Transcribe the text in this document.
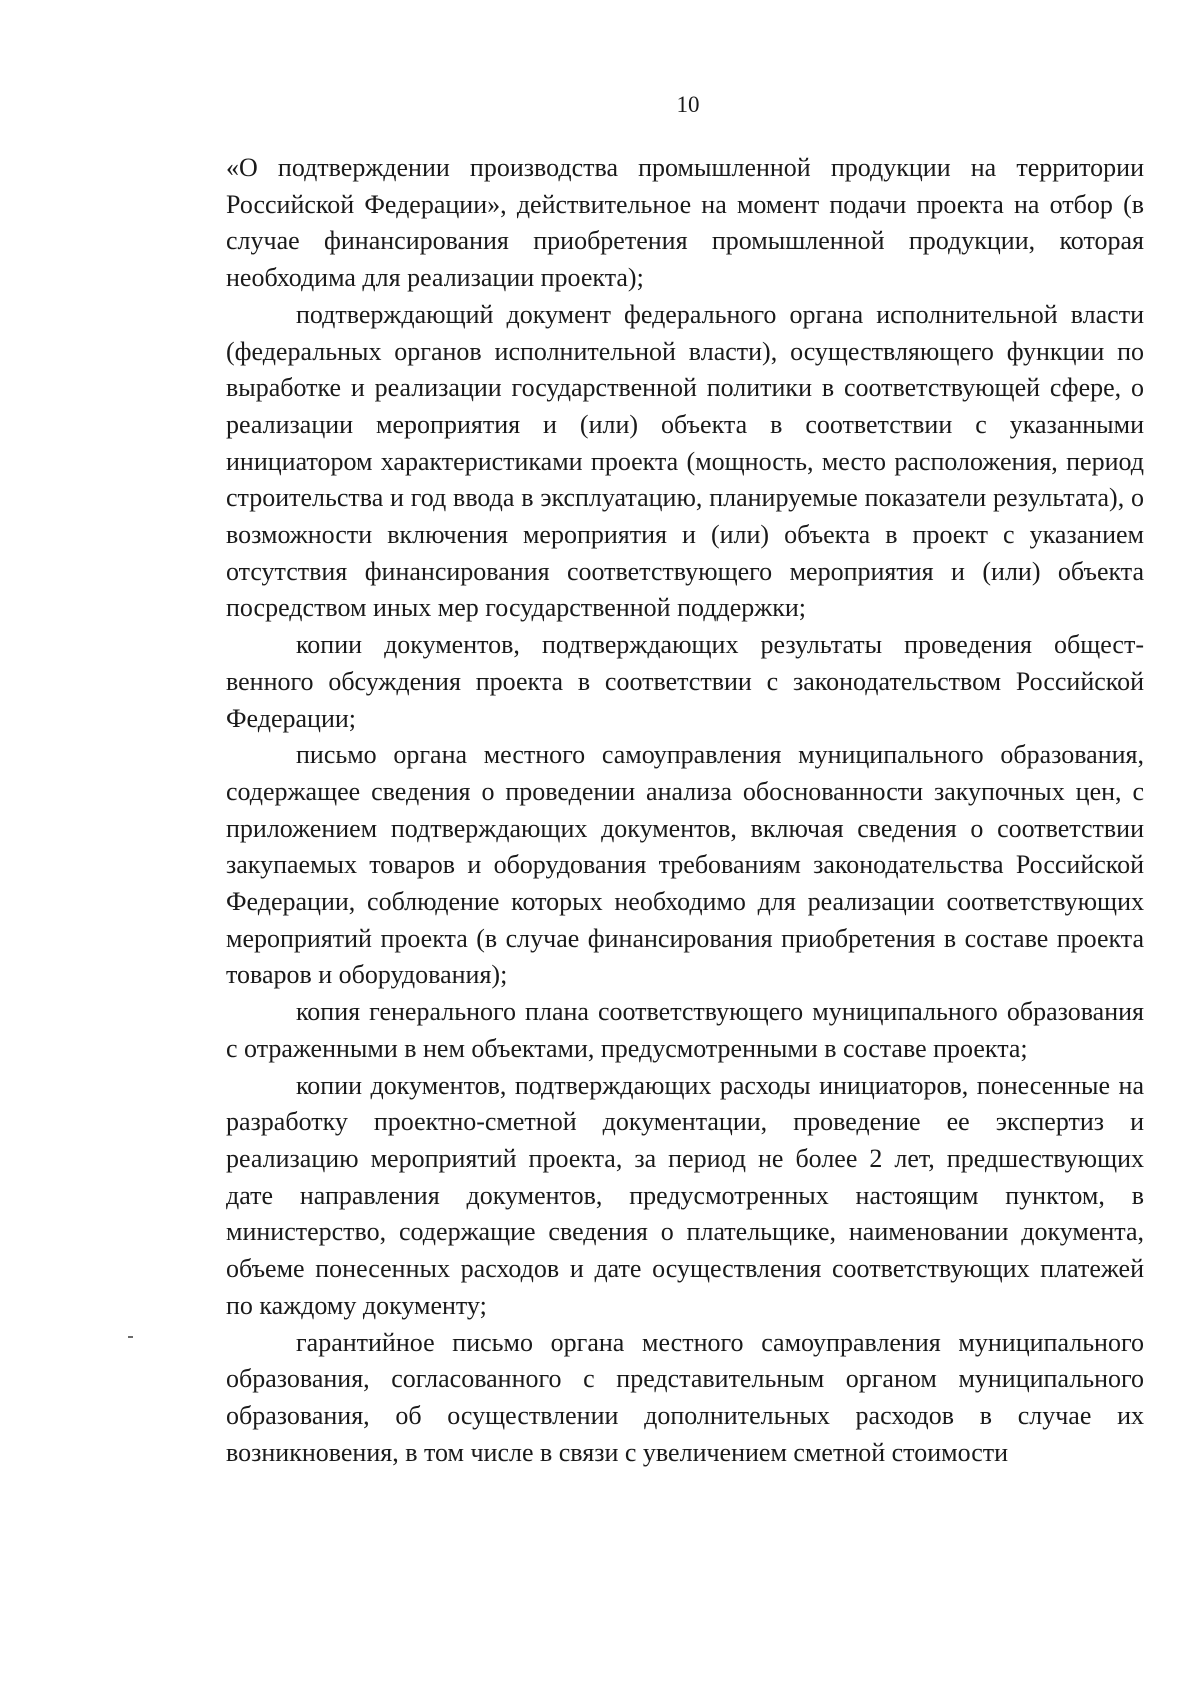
10

«О подтверждении производства промышленной продукции на территории Российской Федерации», действительное на момент подачи проекта на отбор (в случае финансирования приобретения промышленной продукции, которая необходима для реализации проекта);

подтверждающий документ федерального органа исполнительной власти (федеральных органов исполнительной власти), осуществляющего функции по выработке и реализации государственной политики в соответствующей сфере, о реализации мероприятия и (или) объекта в соответствии с указанными инициатором характеристиками проекта (мощность, место расположения, период строительства и год ввода в эксплуатацию, планируемые показатели результата), о возможности включения мероприятия и (или) объекта в проект с указанием отсутствия финансирования соответствующего мероприятия и (или) объекта посредством иных мер государственной поддержки;

копии документов, подтверждающих результаты проведения общественного обсуждения проекта в соответствии с законодательством Российской Федерации;

письмо органа местного самоуправления муниципального образования, содержащее сведения о проведении анализа обоснованности закупочных цен, с приложением подтверждающих документов, включая сведения о соответствии закупаемых товаров и оборудования требованиям законодательства Российской Федерации, соблюдение которых необходимо для реализации соответствующих мероприятий проекта (в случае финансирования приобретения в составе проекта товаров и оборудования);

копия генерального плана соответствующего муниципального образования с отраженными в нем объектами, предусмотренными в составе проекта;

копии документов, подтверждающих расходы инициаторов, понесенные на разработку проектно-сметной документации, проведение ее экспертиз и реализацию мероприятий проекта, за период не более 2 лет, предшествующих дате направления документов, предусмотренных настоящим пунктом, в министерство, содержащие сведения о плательщике, наименовании документа, объеме понесенных расходов и дате осуществления соответствующих платежей по каждому документу;

гарантийное письмо органа местного самоуправления муниципального образования, согласованного с представительным органом муниципального образования, об осуществлении дополнительных расходов в случае их возникновения, в том числе в связи с увеличением сметной стоимости
